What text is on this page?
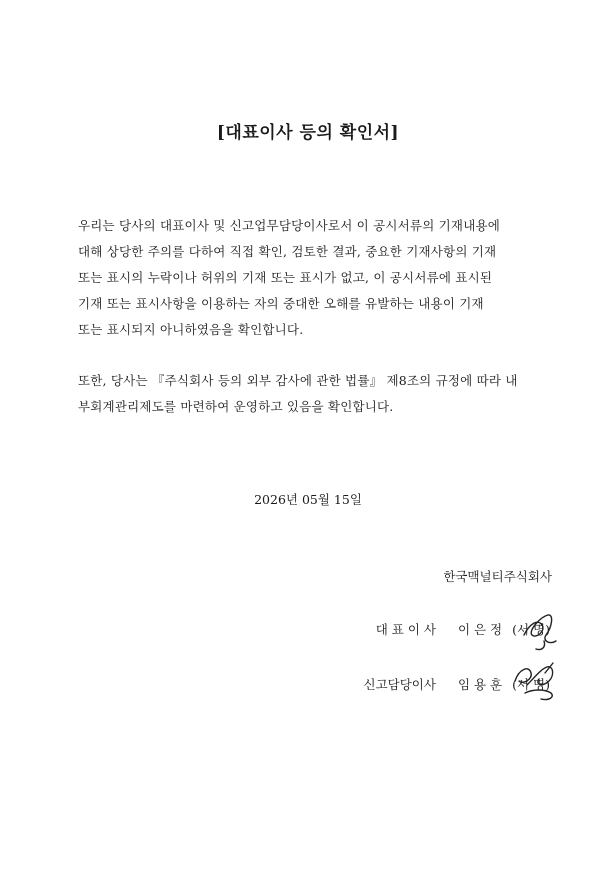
[대표이사 등의 확인서]
우리는 당사의 대표이사 및 신고업무담당이사로서 이 공시서류의 기재내용에
대해 상당한 주의를 다하여 직접 확인, 검토한 결과, 중요한 기재사항의 기재
또는 표시의 누락이나 허위의 기재 또는 표시가 없고, 이 공시서류에 표시된
기재 또는 표시사항을 이용하는 자의 중대한 오해를 유발하는 내용이 기재
또는 표시되지 아니하였음을 확인합니다.
또한, 당사는 『주식회사 등의 외부 감사에 관한 법률』 제8조의 규정에 따라 내
부회계관리제도를 마련하여 운영하고 있음을 확인합니다.
2026년 05월 15일
한국맥널티주식회사
대 표 이 사 이 은 정 (서 명)
신고담당이사 임 용 훈 (서 명)
